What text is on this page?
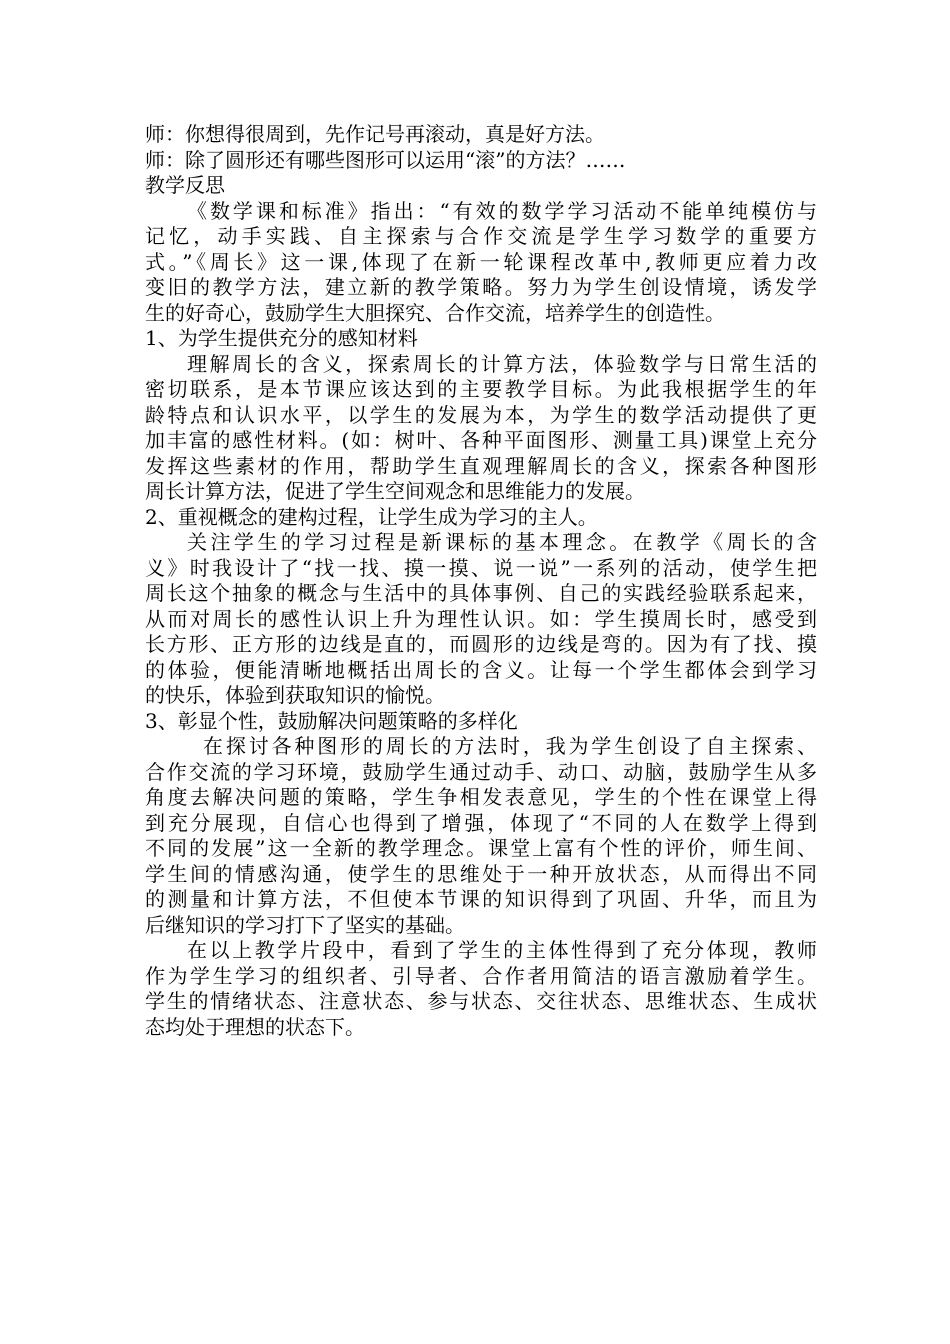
师：你想得很周到，先作记号再滚动，真是好方法。
师：除了圆形还有哪些图形可以运用“滚”的方法？……
教学反思
《数学课和标准》指出：“有效的数学学习活动不能单纯模仿与
记忆，动手实践、自主探索与合作交流是学生学习数学的重要方
式。”《周长》这一课,体现了在新一轮课程改革中,教师更应着力改
变旧的教学方法，建立新的教学策略。努力为学生创设情境，诱发学
生的好奇心，鼓励学生大胆探究、合作交流，培养学生的创造性。
1、为学生提供充分的感知材料
理解周长的含义，探索周长的计算方法，体验数学与日常生活的
密切联系，是本节课应该达到的主要教学目标。为此我根据学生的年
龄特点和认识水平，以学生的发展为本，为学生的数学活动提供了更
加丰富的感性材料。(如：树叶、各种平面图形、测量工具)课堂上充分
发挥这些素材的作用，帮助学生直观理解周长的含义，探索各种图形
周长计算方法，促进了学生空间观念和思维能力的发展。
2、重视概念的建构过程，让学生成为学习的主人。
关注学生的学习过程是新课标的基本理念。在教学《周长的含
义》时我设计了“找一找、摸一摸、说一说”一系列的活动，使学生把
周长这个抽象的概念与生活中的具体事例、自己的实践经验联系起来，
从而对周长的感性认识上升为理性认识。如：学生摸周长时，感受到
长方形、正方形的边线是直的，而圆形的边线是弯的。因为有了找、摸
的体验，便能清晰地概括出周长的含义。让每一个学生都体会到学习
的快乐，体验到获取知识的愉悦。
3、彰显个性，鼓励解决问题策略的多样化
在探讨各种图形的周长的方法时，我为学生创设了自主探索、
合作交流的学习环境，鼓励学生通过动手、动口、动脑，鼓励学生从多
角度去解决问题的策略，学生争相发表意见，学生的个性在课堂上得
到充分展现，自信心也得到了增强，体现了“不同的人在数学上得到
不同的发展”这一全新的教学理念。课堂上富有个性的评价，师生间、
学生间的情感沟通，使学生的思维处于一种开放状态，从而得出不同
的测量和计算方法，不但使本节课的知识得到了巩固、升华，而且为
后继知识的学习打下了坚实的基础。
在以上教学片段中，看到了学生的主体性得到了充分体现，教师
作为学生学习的组织者、引导者、合作者用简洁的语言激励着学生。
学生的情绪状态、注意状态、参与状态、交往状态、思维状态、生成状
态均处于理想的状态下。
